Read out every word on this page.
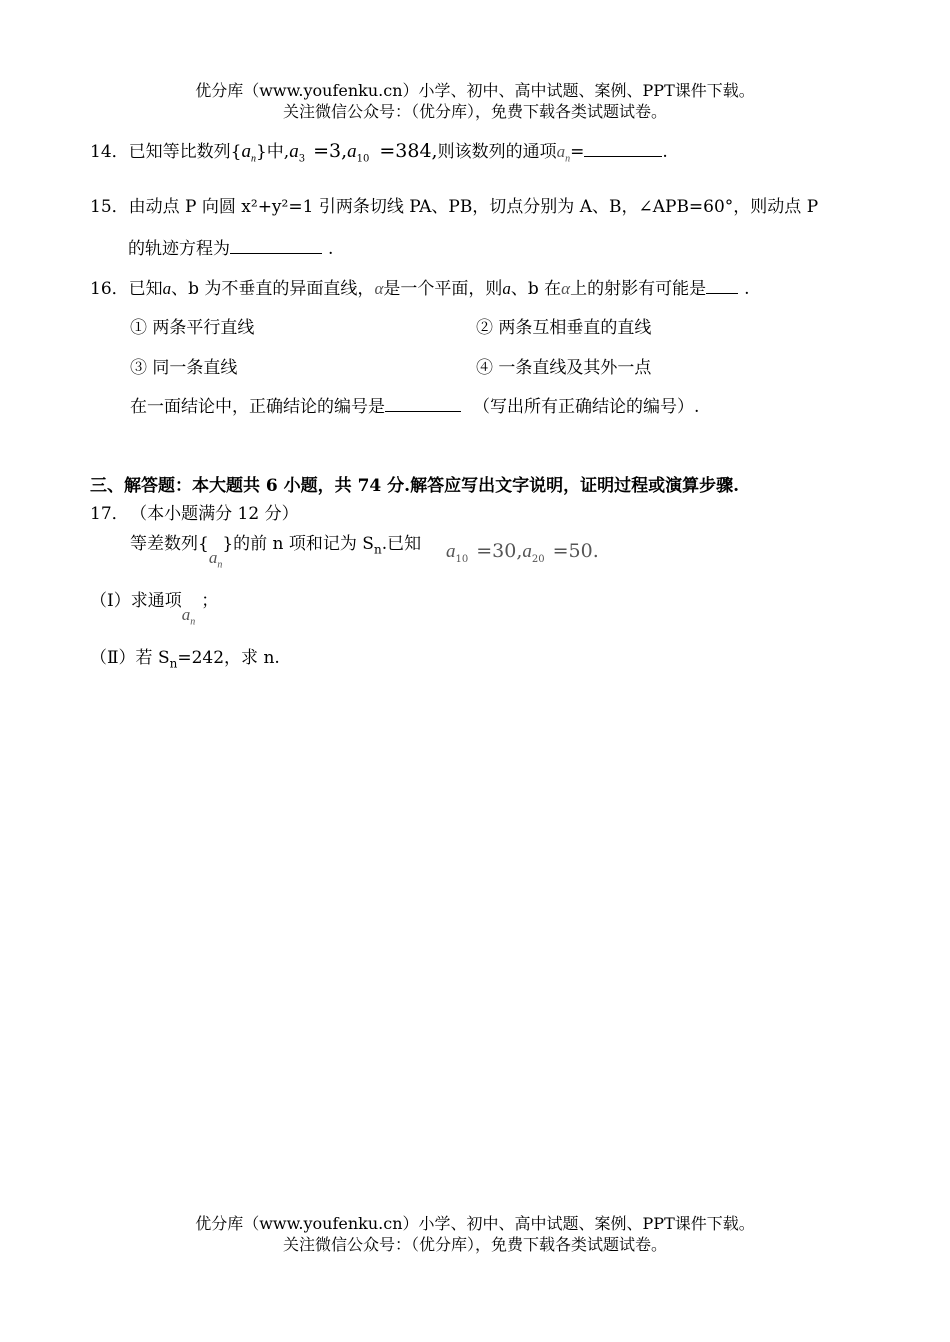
优分库（www.youfenku.cn）小学、初中、高中试题、案例、PPT课件下载。
关注微信公众号：（优分库），免费下载各类试题试卷。
14．已知等比数列$\{a_n\}$中$,a_3 =3,a_{10} =384$,则该数列的通项$a_n=$	.
15．由动点 P 向圆 x²+y²=1 引两条切线 PA、PB，切点分别为 A、B，∠APB=60°，则动点 P
的轨迹方程为	.
16．已知a、b 为不垂直的异面直线，α是一个平面，则a、b 在α上的射影有可能是 .
① 两条平行直线	② 两条互相垂直的直线
③ 同一条直线	④ 一条直线及其外一点
在一面结论中，正确结论的编号是	（写出所有正确结论的编号）.
三、解答题：本大题共 6 小题，共 74 分.解答应写出文字说明，证明过程或演算步骤.
17． （本小题满分 12 分）
等差数列$\{a_n\}$的前 n 项和记为 $S_n$.已知 $a_{10} =30,a_{20} =50$.
（Ⅰ）求通项$a_n$；
（Ⅱ）若 $S_n=242$，求 n.
优分库（www.youfenku.cn）小学、初中、高中试题、案例、PPT课件下载。
关注微信公众号：（优分库），免费下载各类试题试卷。
